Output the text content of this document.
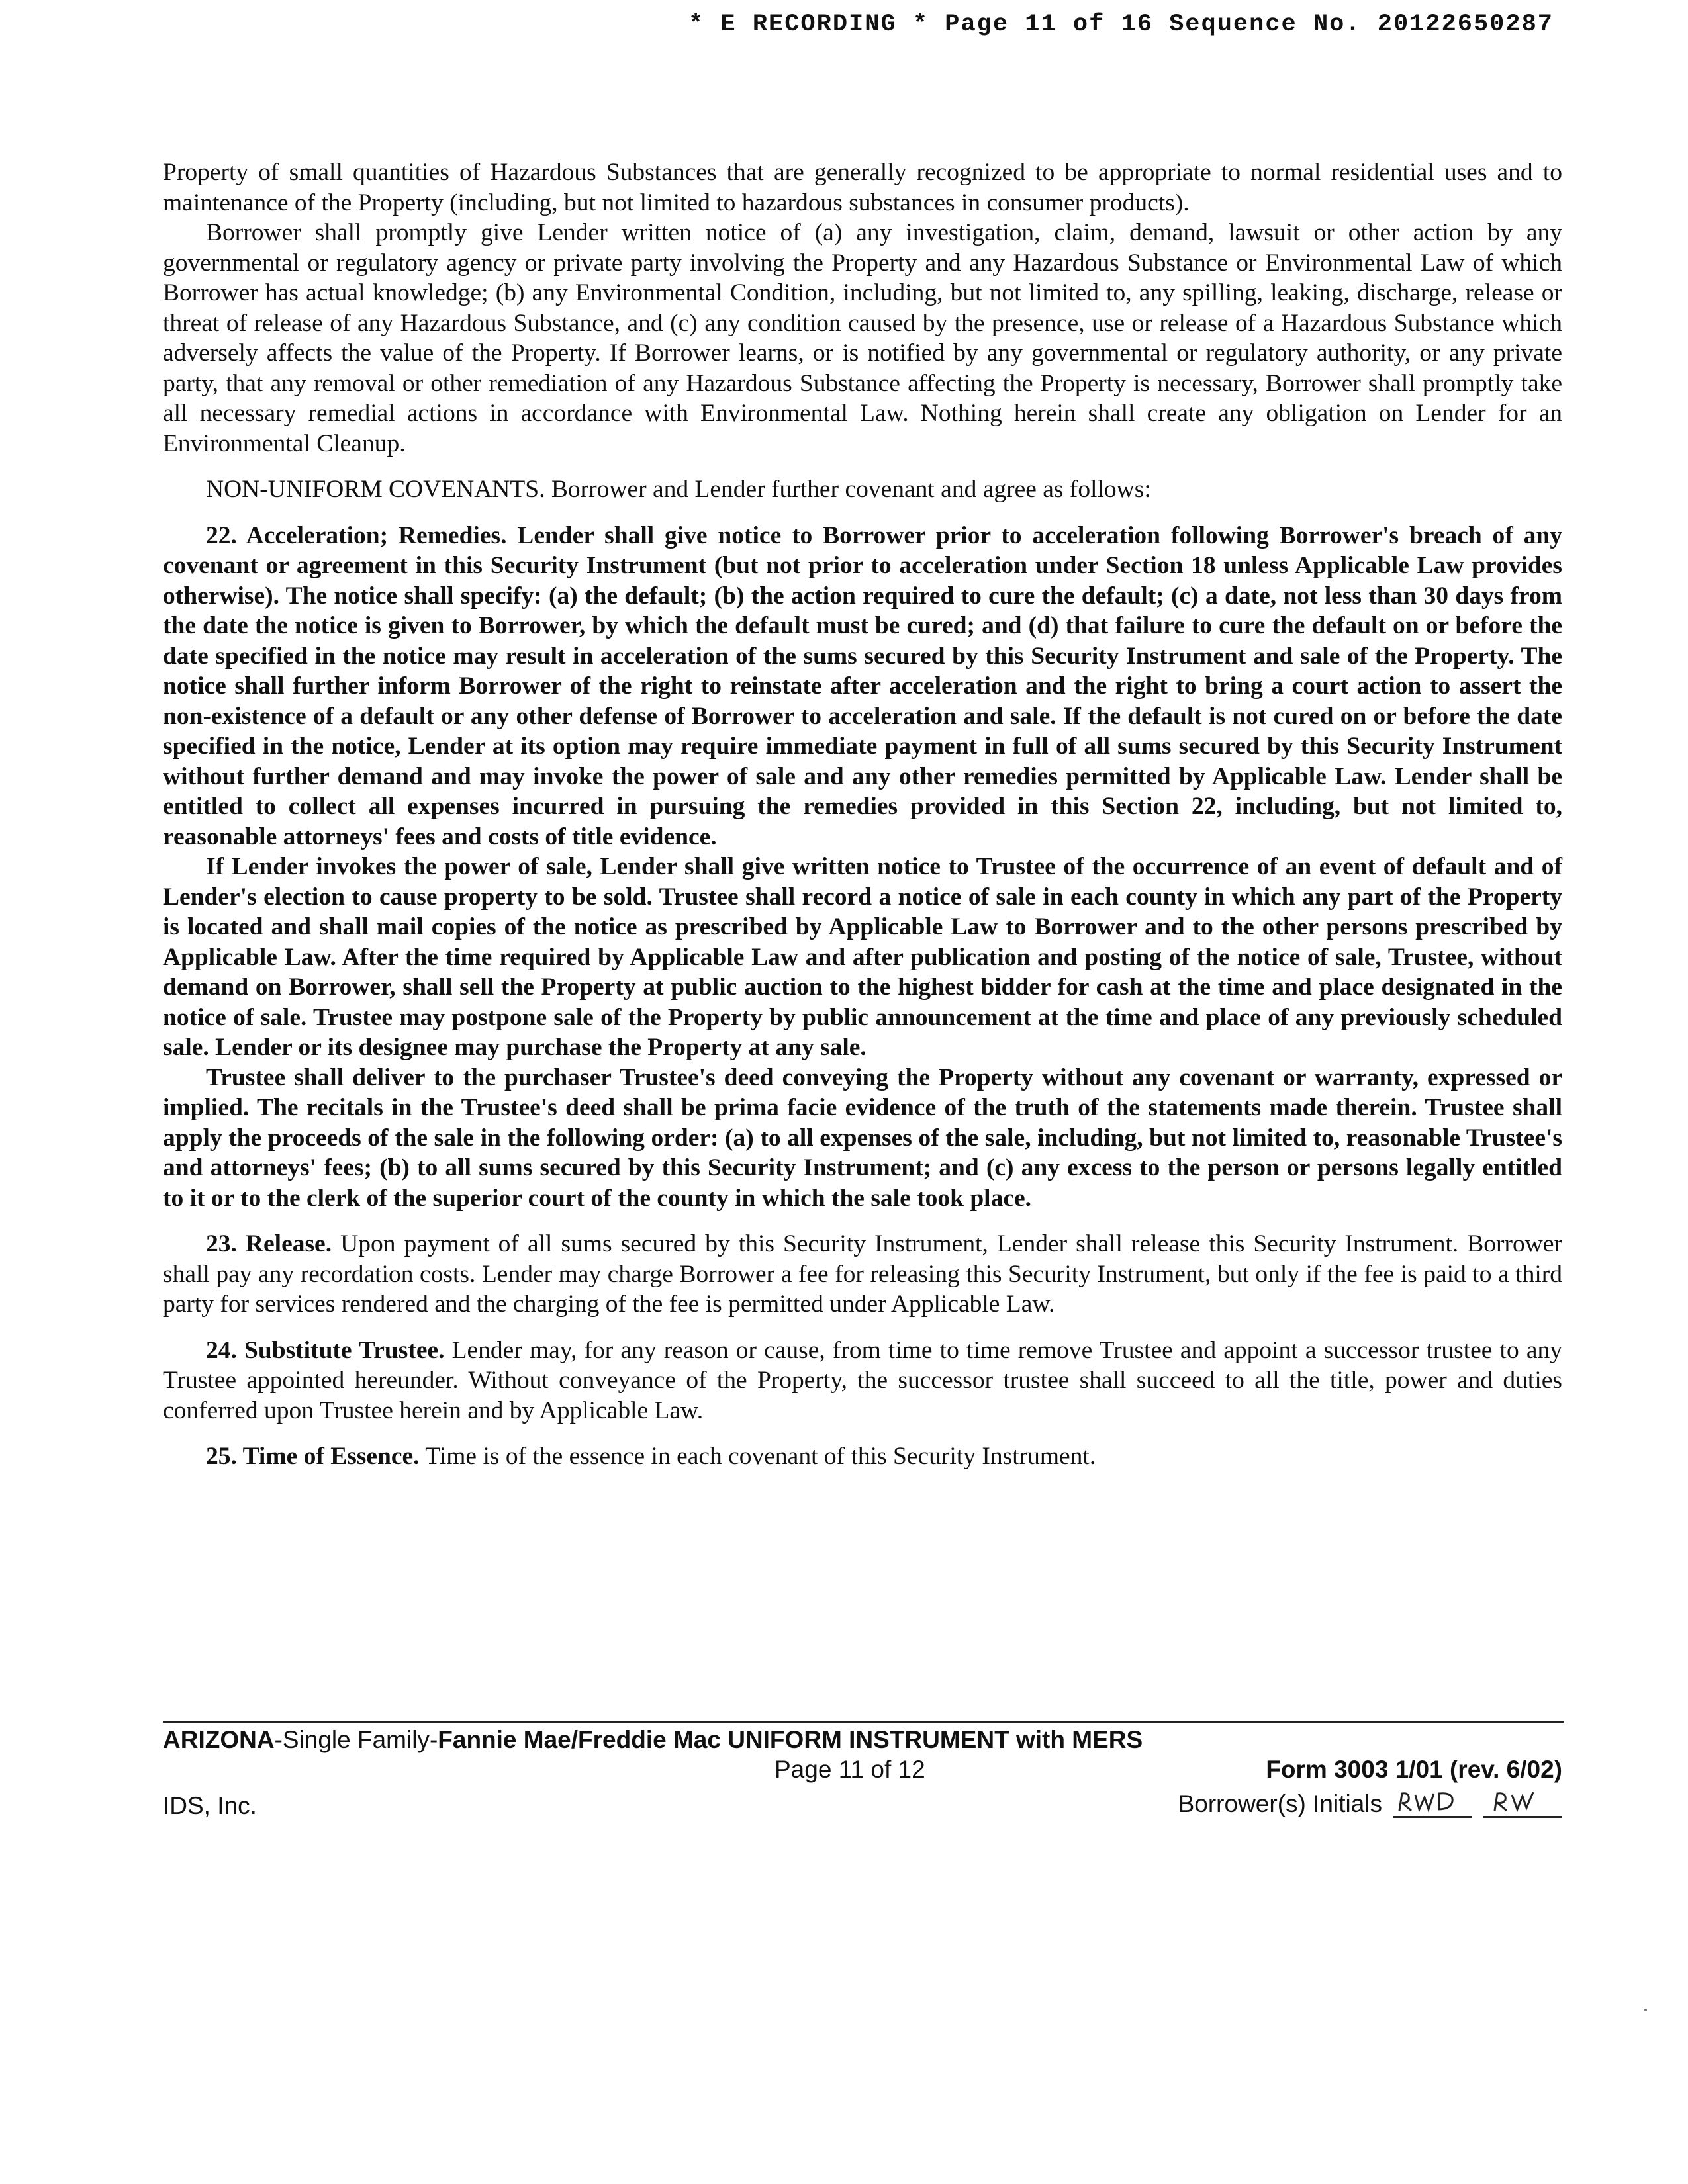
* E RECORDING * Page 11 of 16 Sequence No. 20122650287

Property of small quantities of Hazardous Substances that are generally recognized to be appropriate to normal residential uses and to maintenance of the Property (including, but not limited to hazardous substances in consumer products).

Borrower shall promptly give Lender written notice of (a) any investigation, claim, demand, lawsuit or other action by any governmental or regulatory agency or private party involving the Property and any Hazardous Substance or Environmental Law of which Borrower has actual knowledge; (b) any Environmental Condition, including, but not limited to, any spilling, leaking, discharge, release or threat of release of any Hazardous Substance, and (c) any condition caused by the presence, use or release of a Hazardous Substance which adversely affects the value of the Property. If Borrower learns, or is notified by any governmental or regulatory authority, or any private party, that any removal or other remediation of any Hazardous Substance affecting the Property is necessary, Borrower shall promptly take all necessary remedial actions in accordance with Environmental Law. Nothing herein shall create any obligation on Lender for an Environmental Cleanup.

NON-UNIFORM COVENANTS. Borrower and Lender further covenant and agree as follows:

22. Acceleration; Remedies. Lender shall give notice to Borrower prior to acceleration following Borrower's breach of any covenant or agreement in this Security Instrument (but not prior to acceleration under Section 18 unless Applicable Law provides otherwise). The notice shall specify: (a) the default; (b) the action required to cure the default; (c) a date, not less than 30 days from the date the notice is given to Borrower, by which the default must be cured; and (d) that failure to cure the default on or before the date specified in the notice may result in acceleration of the sums secured by this Security Instrument and sale of the Property. The notice shall further inform Borrower of the right to reinstate after acceleration and the right to bring a court action to assert the non-existence of a default or any other defense of Borrower to acceleration and sale. If the default is not cured on or before the date specified in the notice, Lender at its option may require immediate payment in full of all sums secured by this Security Instrument without further demand and may invoke the power of sale and any other remedies permitted by Applicable Law. Lender shall be entitled to collect all expenses incurred in pursuing the remedies provided in this Section 22, including, but not limited to, reasonable attorneys' fees and costs of title evidence.

If Lender invokes the power of sale, Lender shall give written notice to Trustee of the occurrence of an event of default and of Lender's election to cause property to be sold. Trustee shall record a notice of sale in each county in which any part of the Property is located and shall mail copies of the notice as prescribed by Applicable Law to Borrower and to the other persons prescribed by Applicable Law. After the time required by Applicable Law and after publication and posting of the notice of sale, Trustee, without demand on Borrower, shall sell the Property at public auction to the highest bidder for cash at the time and place designated in the notice of sale. Trustee may postpone sale of the Property by public announcement at the time and place of any previously scheduled sale. Lender or its designee may purchase the Property at any sale.

Trustee shall deliver to the purchaser Trustee's deed conveying the Property without any covenant or warranty, expressed or implied. The recitals in the Trustee's deed shall be prima facie evidence of the truth of the statements made therein. Trustee shall apply the proceeds of the sale in the following order: (a) to all expenses of the sale, including, but not limited to, reasonable Trustee's and attorneys' fees; (b) to all sums secured by this Security Instrument; and (c) any excess to the person or persons legally entitled to it or to the clerk of the superior court of the county in which the sale took place.

23. Release. Upon payment of all sums secured by this Security Instrument, Lender shall release this Security Instrument. Borrower shall pay any recordation costs. Lender may charge Borrower a fee for releasing this Security Instrument, but only if the fee is paid to a third party for services rendered and the charging of the fee is permitted under Applicable Law.

24. Substitute Trustee. Lender may, for any reason or cause, from time to time remove Trustee and appoint a successor trustee to any Trustee appointed hereunder. Without conveyance of the Property, the successor trustee shall succeed to all the title, power and duties conferred upon Trustee herein and by Applicable Law.

25. Time of Essence. Time is of the essence in each covenant of this Security Instrument.

ARIZONA-Single Family-Fannie Mae/Freddie Mac UNIFORM INSTRUMENT with MERS
Page 11 of 12	Form 3003 1/01 (rev. 6/02)
IDS, Inc.	Borrower(s) Initials
